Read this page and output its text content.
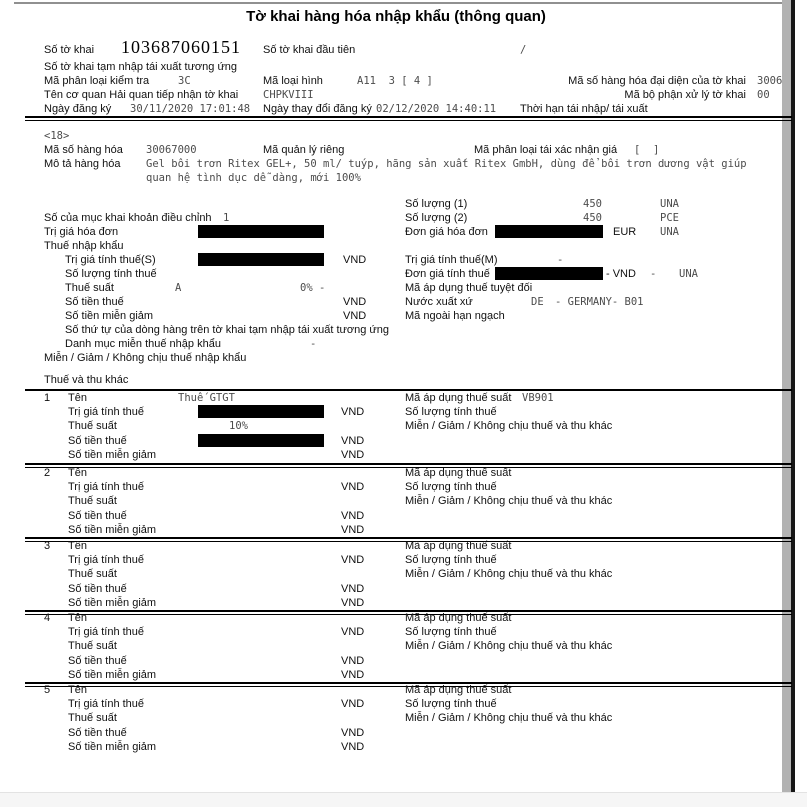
Tờ khai hàng hóa nhập khẩu (thông quan)
Số tờ khai 103687060151 Số tờ khai đầu tiên	/
Số tờ khai tạm nhập tái xuất tương ứng
Mã phân loại kiểm tra	3C	Mã loại hình	A11  3 [ 4 ]	Mã số hàng hóa đại diện của tờ khai 3006
Tên cơ quan Hải quan tiếp nhận tờ khai CHPKVIII	Mã bộ phận xử lý tờ khai 00
Ngày đăng ký 30/11/2020 17:01:48 Ngày thay đổi đăng ký 02/12/2020 14:40:11 Thời hạn tái nhập/ tái xuất
<18>
Mã số hàng hóa 30067000	Mã quản lý riêng	Mã phân loại tái xác nhận giá [  ]
Mô tả hàng hóa Gel bôi trơn Ritex GEL+, 50 ml/ tuýp, hãng sản xuất Ritex GmbH, dùng để bôi trơn dương vật giúp
quan hệ tình dục dễ dàng, mới 100%
Số lượng (1)	450	UNA
Số lượng (2)	450	PCE
Đơn giá hóa đơn	EUR UNA
Trị giá tính thuế(M)	-
Đơn giá tính thuế	- VND - UNA
Mã áp dụng thuế tuyệt đối
Nước xuất xứ	DE - GERMANY- B01
Mã ngoài hạn ngạch
Số của mục khai khoản điều chỉnh 1
Trị giá hóa đơn
Thuế nhập khẩu
Trị giá tính thuế(S)	VND
Số lượng tính thuế
Thuế suất	A	0% -
Số tiền thuế	VND
Số tiền miễn giảm	VND
Số thứ tự của dòng hàng trên tờ khai tạm nhập tái xuất tương ứng
Danh mục miễn thuế nhập khẩu	-
Miễn / Giảm / Không chịu thuế nhập khẩu
Thuế và thu khác
1 Tên	Thuế GTGT	Mã áp dụng thuế suất VB901
Trị giá tính thuế	VND	Số lượng tính thuế
Thuế suất	10%	Miễn / Giảm / Không chịu thuế và thu khác
Số tiền thuế	VND
Số tiền miễn giảm	VND
2 Tên	Mã áp dụng thuế suất
Trị giá tính thuế	VND	Số lượng tính thuế
Thuế suất	Miễn / Giảm / Không chịu thuế và thu khác
Số tiền thuế	VND
Số tiền miễn giảm	VND
3 Tên	Mã áp dụng thuế suất
Trị giá tính thuế	VND	Số lượng tính thuế
Thuế suất	Miễn / Giảm / Không chịu thuế và thu khác
Số tiền thuế	VND
Số tiền miễn giảm	VND
4 Tên	Mã áp dụng thuế suất
Trị giá tính thuế	VND	Số lượng tính thuế
Thuế suất	Miễn / Giảm / Không chịu thuế và thu khác
Số tiền thuế	VND
Số tiền miễn giảm	VND
5 Tên	Mã áp dụng thuế suất
Trị giá tính thuế	VND	Số lượng tính thuế
Thuế suất	Miễn / Giảm / Không chịu thuế và thu khác
Số tiền thuế	VND
Số tiền miễn giảm	VND
